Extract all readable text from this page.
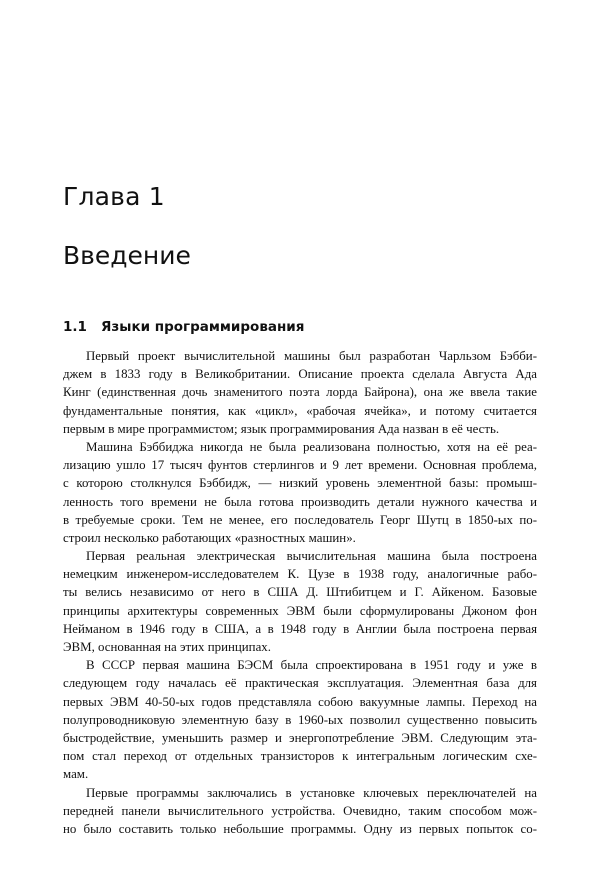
Глава 1
Введение
1.1 Языки программирования

Первый проект вычислительной машины был разработан Чарльзом Бэбби-
джем в 1833 году в Великобритании. Описание проекта сделала Августа Ада
Кинг (единственная дочь знаменитого поэта лорда Байрона), она же ввела такие
фундаментальные понятия, как «цикл», «рабочая ячейка», и потому считается
первым в мире программистом; язык программирования Ада назван в её честь.

Машина Бэббиджа никогда не была реализована полностью, хотя на её реа-
лизацию ушло 17 тысяч фунтов стерлингов и 9 лет времени. Основная проблема,
с которою столкнулся Бэббидж, — низкий уровень элементной базы: промыш-
ленность того времени не была готова производить детали нужного качества и
в требуемые сроки. Тем не менее, его последователь Георг Шутц в 1850-ых по-
строил несколько работающих «разностных машин».

Первая реальная электрическая вычислительная машина была построена
немецким инженером-исследователем К. Цузе в 1938 году, аналогичные рабо-
ты велись независимо от него в США Д. Штибитцем и Г. Айкеном. Базовые
принципы архитектуры современных ЭВМ были сформулированы Джоном фон
Нейманом в 1946 году в США, а в 1948 году в Англии была построена первая
ЭВМ, основанная на этих принципах.

В СССР первая машина БЭСМ была спроектирована в 1951 году и уже в
следующем году началась её практическая эксплуатация. Элементная база для
первых ЭВМ 40-50-ых годов представляла собою вакуумные лампы. Переход на
полупроводниковую элементную базу в 1960-ых позволил существенно повысить
быстродействие, уменьшить размер и энергопотребление ЭВМ. Следующим эта-
пом стал переход от отдельных транзисторов к интегральным логическим схе-
мам.

Первые программы заключались в установке ключевых переключателей на
передней панели вычислительного устройства. Очевидно, таким способом мож-
но было составить только небольшие программы. Одну из первых попыток со-
